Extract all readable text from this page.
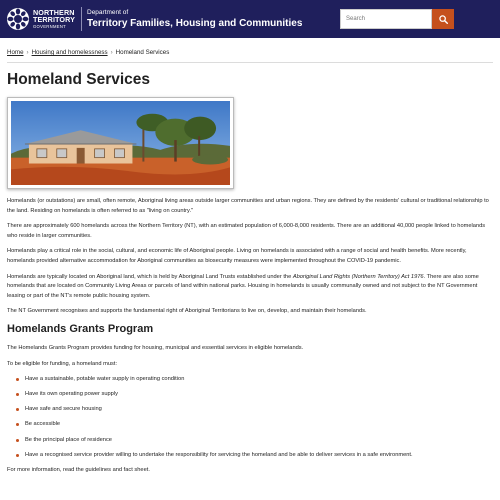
NORTHERN
TERRITORY
GOVERNMENT
Department of
Territory Families, Housing and Communities	Search
Home › Housing and homelessness › Homeland Services
Homeland Services

Homelands (or outstations) are small, often remote, Aboriginal living areas outside larger communities and urban regions. They are defined by the residents' cultural or traditional relationship to the land. Residing on homelands is often referred to as "living on country."

There are approximately 600 homelands across the Northern Territory (NT), with an estimated population of 6,000-8,000 residents. There are an additional 40,000 people linked to homelands who reside in larger communities.

Homelands play a critical role in the social, cultural, and economic life of Aboriginal people. Living on homelands is associated with a range of social and health benefits. More recently, homelands provided alternative accommodation for Aboriginal communities as biosecurity measures were implemented throughout the COVID-19 pandemic.

Homelands are typically located on Aboriginal land, which is held by Aboriginal Land Trusts established under the Aboriginal Land Rights (Northern Territory) Act 1976. There are also some homelands that are located on Community Living Areas or parcels of land within national parks. Housing in homelands is usually communally owned and not subject to the NT Government leasing or part of the NT's remote public housing system.

The NT Government recognises and supports the fundamental right of Aboriginal Territorians to live on, develop, and maintain their homelands.

Homelands Grants Program

The Homelands Grants Program provides funding for housing, municipal and essential services in eligible homelands.

To be eligible for funding, a homeland must:

Have a sustainable, potable water supply in operating condition
Have its own operating power supply
Have safe and secure housing
Be accessible
Be the principal place of residence
Have a recognised service provider willing to undertake the responsibility for servicing the homeland and be able to deliver services in a safe environment.

For more information, read the guidelines and fact sheet.
